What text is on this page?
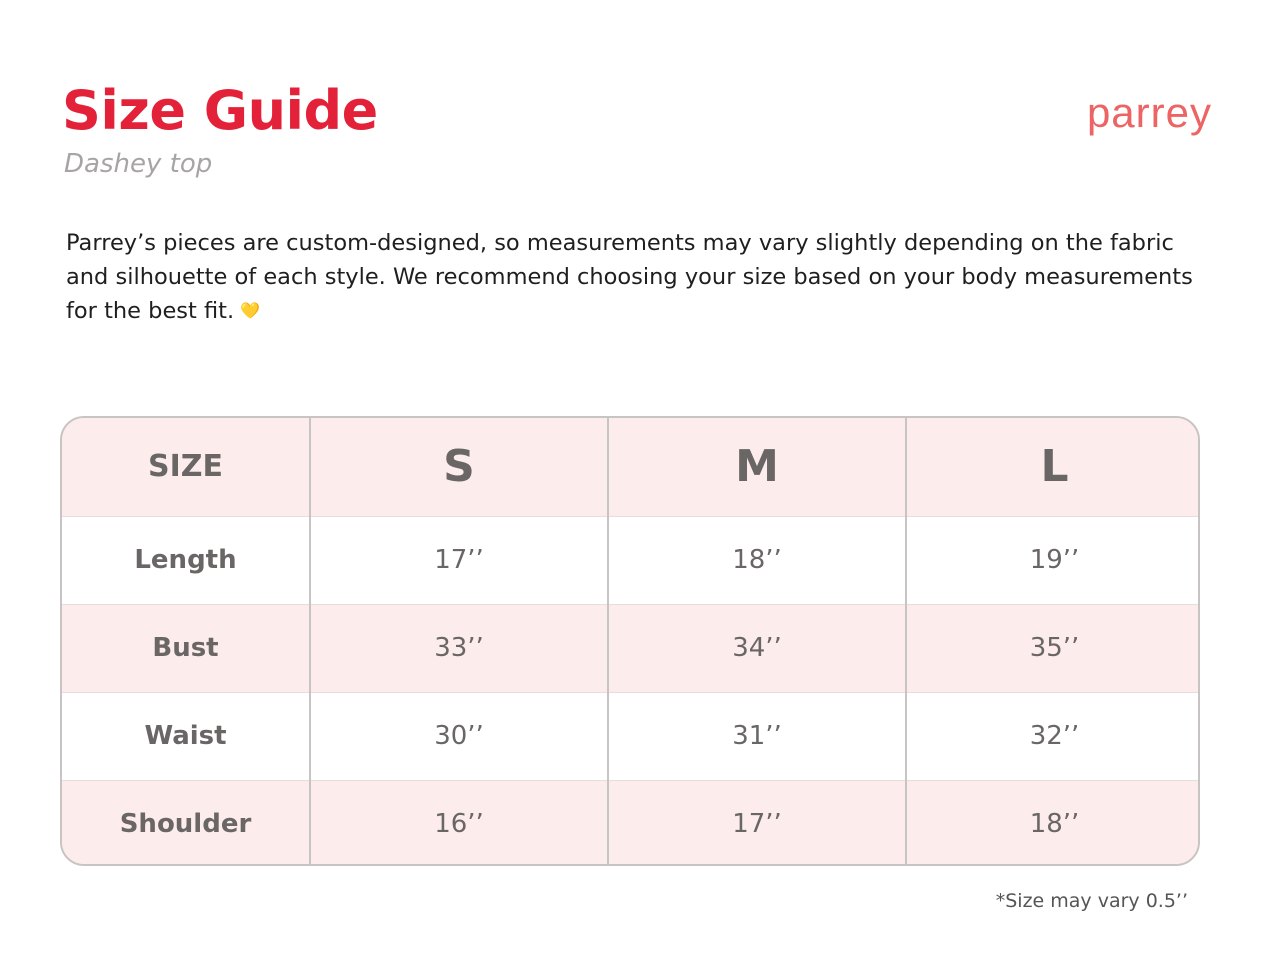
Size Guide
Dashey top
parrey

Parrey’s pieces are custom-designed, so measurements may vary slightly depending on the fabric and silhouette of each style. We recommend choosing your size based on your body measurements for the best fit. 💛

SIZE	S	M	L
Length	17’’	18’’	19’’
Bust	33’’	34’’	35’’
Waist	30’’	31’’	32’’
Shoulder	16’’	17’’	18’’
*Size may vary 0.5’’
